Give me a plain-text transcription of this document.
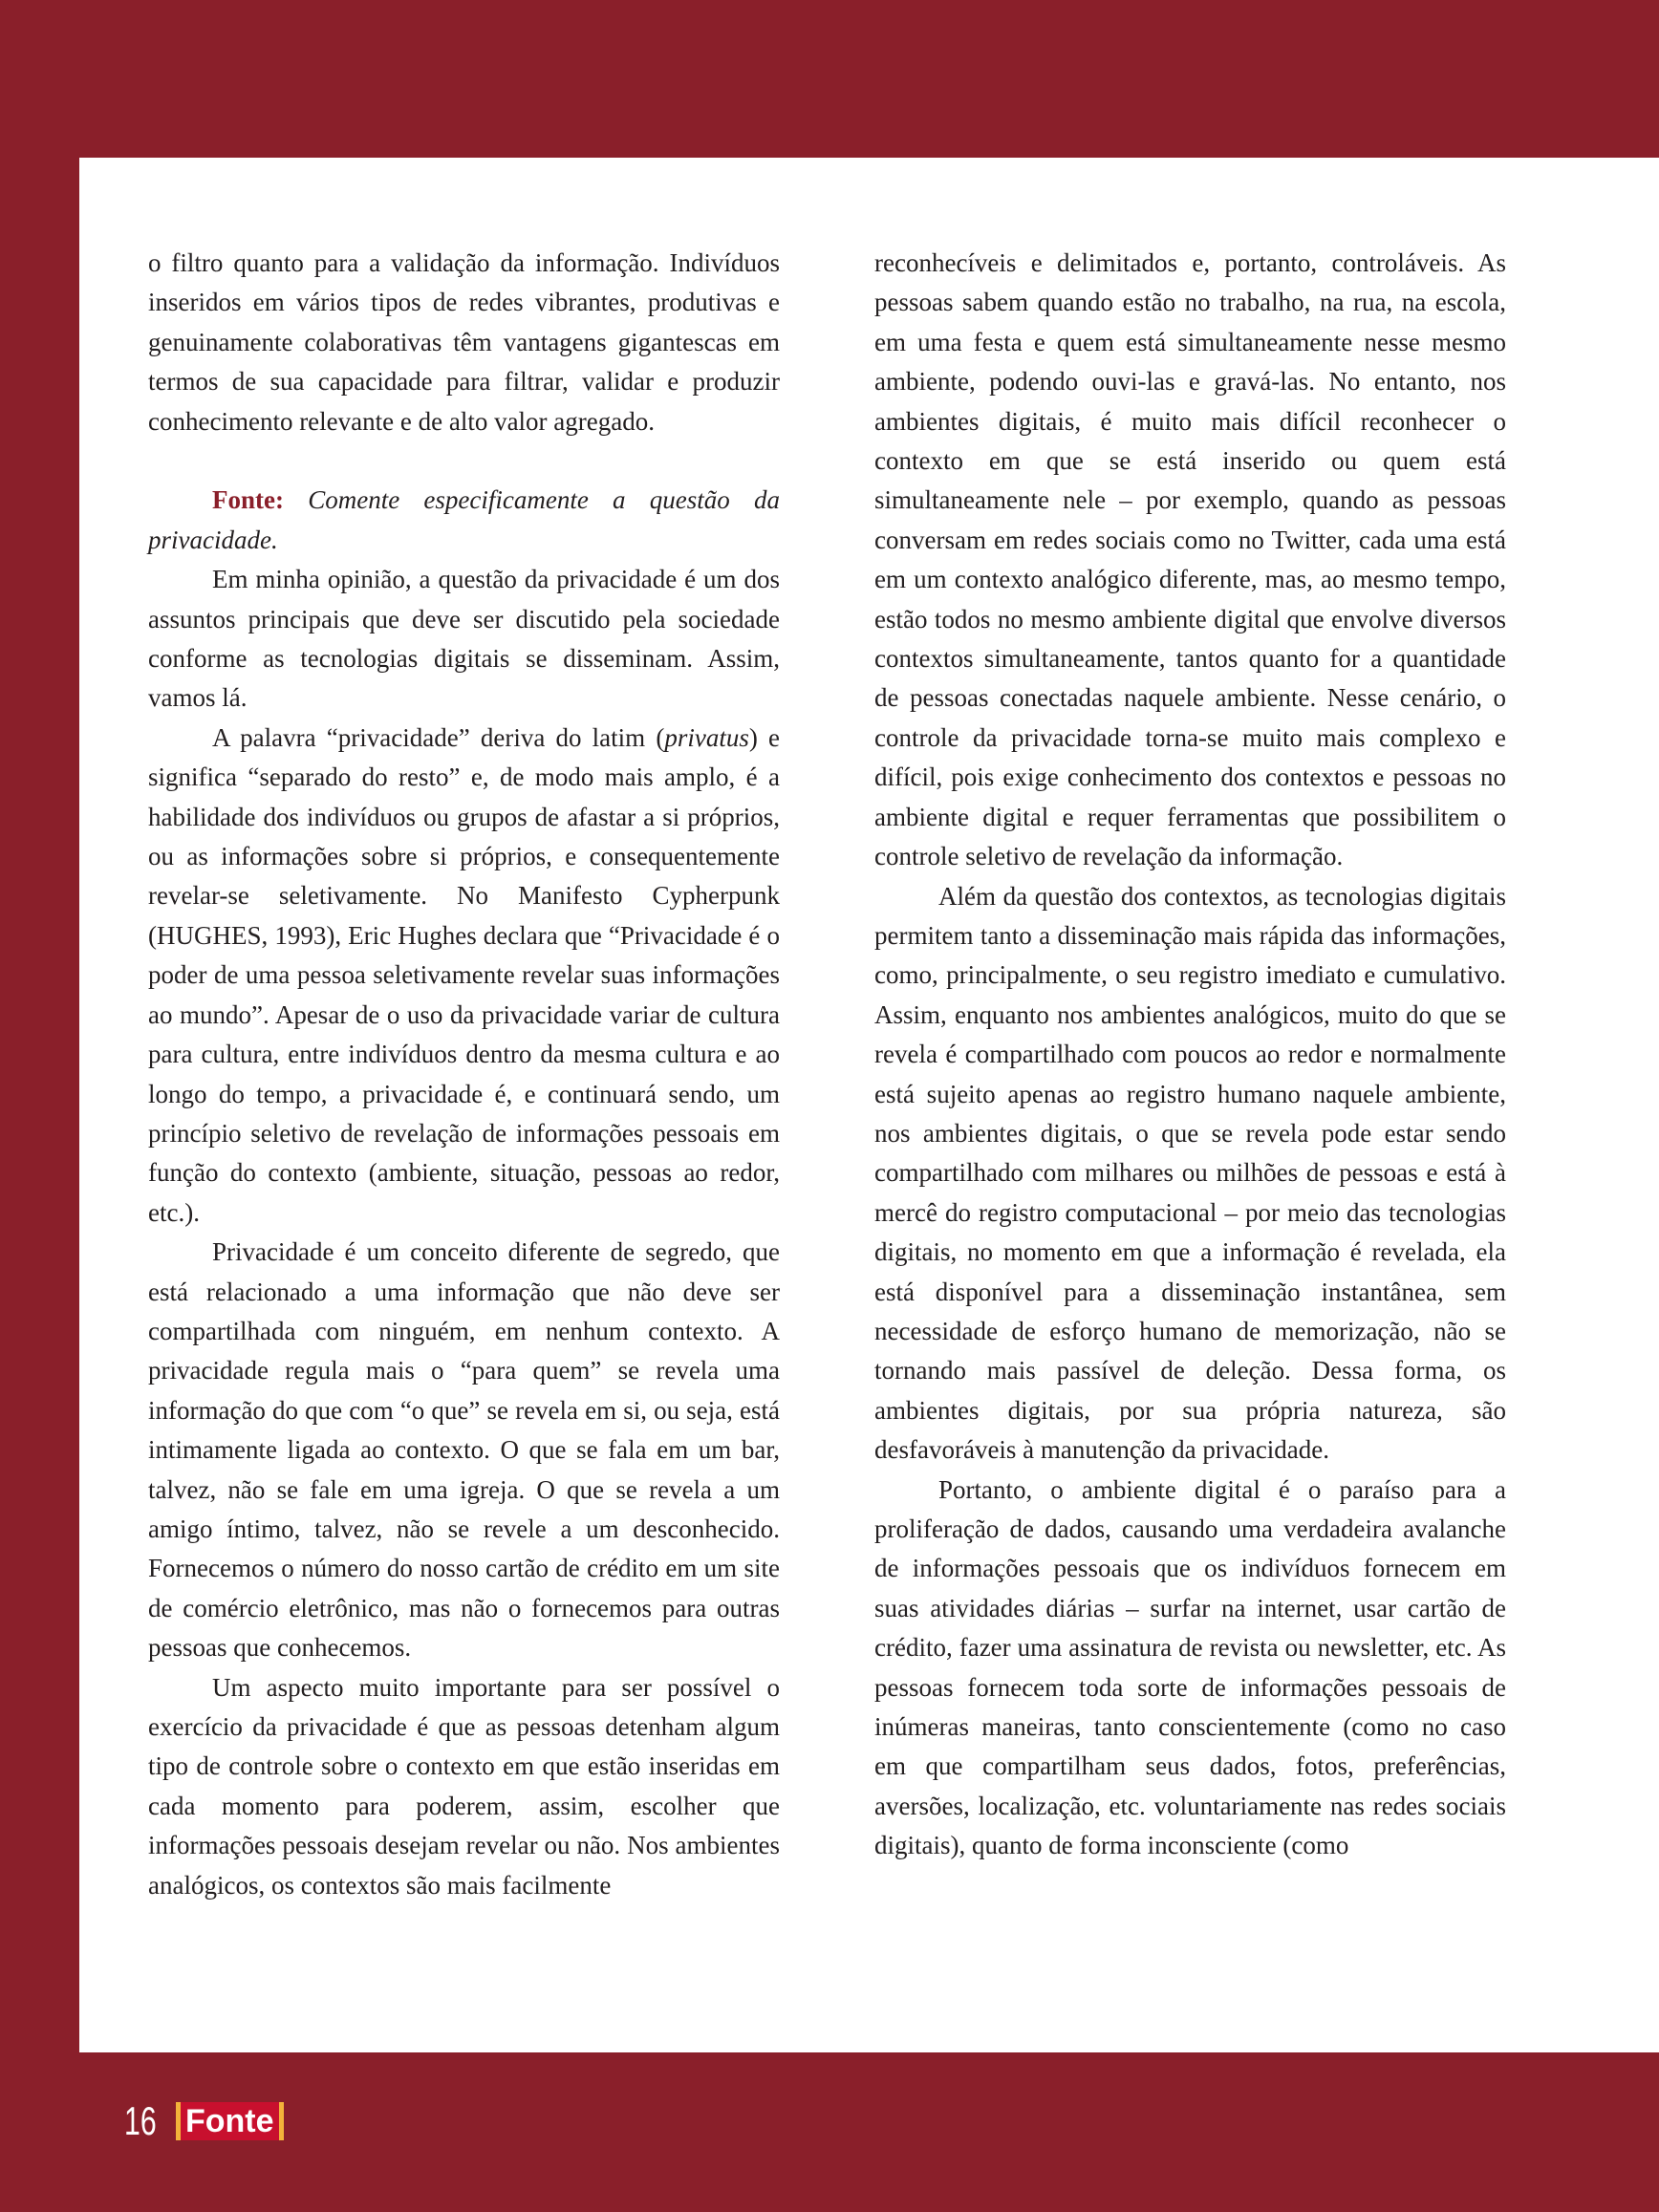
o filtro quanto para a validação da informação. Indivíduos inseridos em vários tipos de redes vibrantes, produtivas e genuinamente colaborativas têm vantagens gigantescas em termos de sua capacidade para filtrar, validar e produzir conhecimento relevante e de alto valor agregado.

Fonte: Comente especificamente a questão da privacidade.

Em minha opinião, a questão da privacidade é um dos assuntos principais que deve ser discutido pela sociedade conforme as tecnologias digitais se disseminam. Assim, vamos lá.

A palavra “privacidade” deriva do latim (privatus) e significa “separado do resto” e, de modo mais amplo, é a habilidade dos indivíduos ou grupos de afastar a si próprios, ou as informações sobre si próprios, e consequentemente revelar-se seletivamente. No Manifesto Cypherpunk (HUGHES, 1993), Eric Hughes declara que “Privacidade é o poder de uma pessoa seletivamente revelar suas informações ao mundo”. Apesar de o uso da privacidade variar de cultura para cultura, entre indivíduos dentro da mesma cultura e ao longo do tempo, a privacidade é, e continuará sendo, um princípio seletivo de revelação de informações pessoais em função do contexto (ambiente, situação, pessoas ao redor, etc.).

Privacidade é um conceito diferente de segredo, que está relacionado a uma informação que não deve ser compartilhada com ninguém, em nenhum contexto. A privacidade regula mais o “para quem” se revela uma informação do que com “o que” se revela em si, ou seja, está intimamente ligada ao contexto. O que se fala em um bar, talvez, não se fale em uma igreja. O que se revela a um amigo íntimo, talvez, não se revele a um desconhecido. Fornecemos o número do nosso cartão de crédito em um site de comércio eletrônico, mas não o fornecemos para outras pessoas que conhecemos.

Um aspecto muito importante para ser possível o exercício da privacidade é que as pessoas detenham algum tipo de controle sobre o contexto em que estão inseridas em cada momento para poderem, assim, escolher que informações pessoais desejam revelar ou não. Nos ambientes analógicos, os contextos são mais facilmente

reconhecíveis e delimitados e, portanto, controláveis. As pessoas sabem quando estão no trabalho, na rua, na escola, em uma festa e quem está simultaneamente nesse mesmo ambiente, podendo ouvi-las e gravá-las. No entanto, nos ambientes digitais, é muito mais difícil reconhecer o contexto em que se está inserido ou quem está simultaneamente nele – por exemplo, quando as pessoas conversam em redes sociais como no Twitter, cada uma está em um contexto analógico diferente, mas, ao mesmo tempo, estão todos no mesmo ambiente digital que envolve diversos contextos simultaneamente, tantos quanto for a quantidade de pessoas conectadas naquele ambiente. Nesse cenário, o controle da privacidade torna-se muito mais complexo e difícil, pois exige conhecimento dos contextos e pessoas no ambiente digital e requer ferramentas que possibilitem o controle seletivo de revelação da informação.

Além da questão dos contextos, as tecnologias digitais permitem tanto a disseminação mais rápida das informações, como, principalmente, o seu registro imediato e cumulativo. Assim, enquanto nos ambientes analógicos, muito do que se revela é compartilhado com poucos ao redor e normalmente está sujeito apenas ao registro humano naquele ambiente, nos ambientes digitais, o que se revela pode estar sendo compartilhado com milhares ou milhões de pessoas e está à mercê do registro computacional – por meio das tecnologias digitais, no momento em que a informação é revelada, ela está disponível para a disseminação instantânea, sem necessidade de esforço humano de memorização, não se tornando mais passível de deleção. Dessa forma, os ambientes digitais, por sua própria natureza, são desfavoráveis à manutenção da privacidade.

Portanto, o ambiente digital é o paraíso para a proliferação de dados, causando uma verdadeira avalanche de informações pessoais que os indivíduos fornecem em suas atividades diárias – surfar na internet, usar cartão de crédito, fazer uma assinatura de revista ou newsletter, etc. As pessoas fornecem toda sorte de informações pessoais de inúmeras maneiras, tanto conscientemente (como no caso em que compartilham seus dados, fotos, preferências, aversões, localização, etc. voluntariamente nas redes sociais digitais), quanto de forma inconsciente (como

16 Fonte
